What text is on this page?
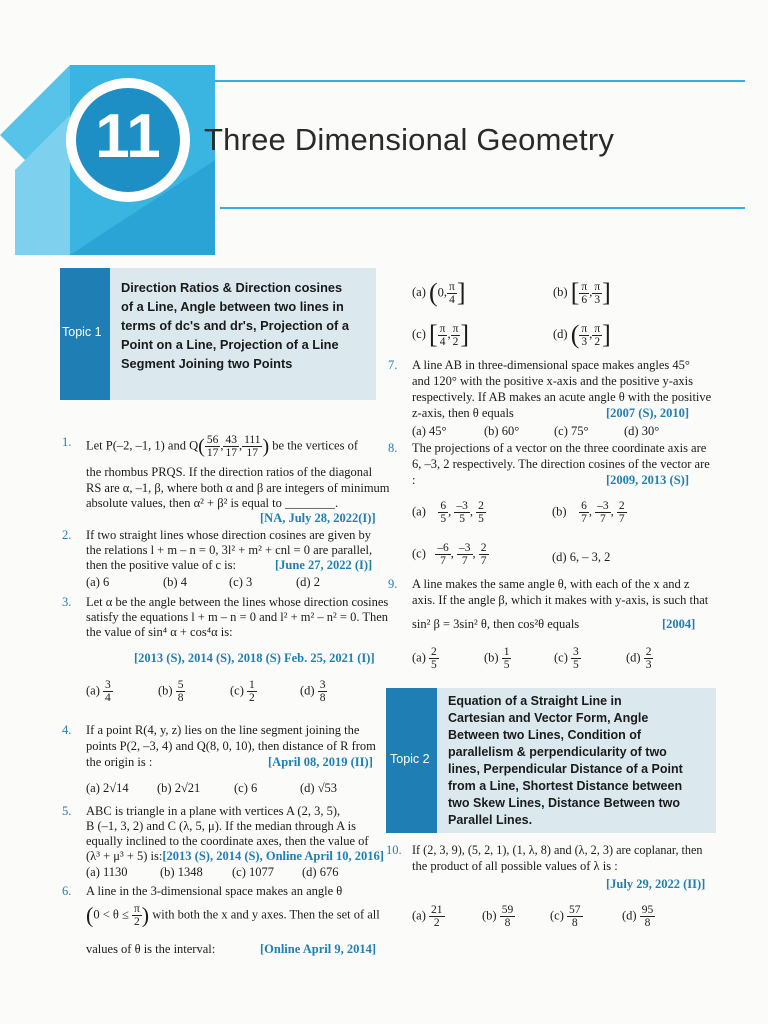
11	Three Dimensional Geometry
Topic 1
Direction Ratios & Direction cosines
of a Line, Angle between two lines in
terms of dc's and dr's, Projection of a
Point on a Line, Projection of a Line
Segment Joining two Points
1. Let P(–2, –1, 1) and $Q( \frac{56}{17}$ , $\frac{43}{17}$ , $\frac{111}{17}$ ) be the vertices of
the rhombus PRQS. If the direction ratios of the diagonal
RS are α, –1, β, where both α and β are integers of minimum
absolute values, then α² + β² is equal to ________.
[NA, July 28, 2022(I)]
2. If two straight lines whose direction cosines are given by
the relations l + m – n = 0, 3l² + m² + cnl = 0 are parallel,
then the positive value of c is:	[June 27, 2022 (I)]
(a) 6	(b) 4	(c) 3	(d) 2
3. Let α be the angle between the lines whose direction cosines
satisfy the equations l + m – n = 0 and l² + m² – n² = 0. Then
the value of sin⁴ α + cos⁴α is:
[2013 (S), 2014 (S), 2018 (S) Feb. 25, 2021 (I)]
$(a) \frac{3}{4}$	$(b) \frac{5}{8}$	$(c) \frac{1}{2}$	$(d) \frac{3}{8}$
4. If a point R(4, y, z) lies on the line segment joining the
points P(2, –3, 4) and Q(8, 0, 10), then distance of R from
the origin is :	[April 08, 2019 (II)]
(a) 2√14 (b) 2√21	(c) 6	(d) √53
5. ABC is triangle in a plane with vertices A (2, 3, 5),
B (–1, 3, 2) and C (λ, 5, μ). If the median through A is
equally inclined to the coordinate axes, then the value of
(λ³ + μ³ + 5) is:[2013 (S), 2014 (S), Online April 10, 2016]
(a) 1130	(b) 1348 (c) 1077 (d) 676
6. A line in the 3-dimensional space makes an angle θ
($0 < \theta \le \frac{\pi}{2}$ ) with both the x and y axes. Then the set of all
values of θ is the interval:	[Online April 9, 2014]
(a) (0, $\frac{\pi}{4}$ ]	(b) [ $\frac{\pi}{6}$ , $\frac{\pi}{3}$ ]
(c) [ $\frac{\pi}{4}$ , $\frac{\pi}{2}$ ]	(d) ( $\frac{\pi}{3}$ , $\frac{\pi}{2}$ ]
7. A line AB in three-dimensional space makes angles 45°
and 120° with the positive x-axis and the positive y-axis
respectively. If AB makes an acute angle θ with the positive
z-axis, then θ equals	[2007 (S), 2010]
(a) 45°	(b) 60°	(c) 75°	(d) 30°
8. The projections of a vector on the three coordinate axis are
6, –3, 2 respectively. The direction cosines of the vector are
:	[2009, 2013 (S)]
$(a) \frac{6}{5}$ , $\frac{-3}{5}$ , $\frac{2}{5}$	$(b) \frac{6}{7}$ , $\frac{-3}{7}$ , $\frac{2}{7}$
$(c) \frac{-6}{7}$ , $\frac{-3}{7}$ , $\frac{2}{7}$	(d) 6, – 3, 2
9. A line makes the same angle θ, with each of the x and z
axis. If the angle β, which it makes with y-axis, is such that
sin² β = 3sin² θ, then cos²θ equals	[2004]
$(a) \frac{2}{5}$	$(b) \frac{1}{5}$	$(c) \frac{3}{5}$	$(d) \frac{2}{3}$
Topic 2
Equation of a Straight Line in
Cartesian and Vector Form, Angle
Between two Lines, Condition of
parallelism & perpendicularity of two
lines, Perpendicular Distance of a Point
from a Line, Shortest Distance between
two Skew Lines, Distance Between two
Parallel Lines.
10. If (2, 3, 9), (5, 2, 1), (1, λ, 8) and (λ, 2, 3) are coplanar, then
the product of all possible values of λ is :
[July 29, 2022 (II)]
$(a) \frac{21}{2}$	$(b) \frac{59}{8}$	$(c) \frac{57}{8}$	$(d) \frac{95}{8}$
